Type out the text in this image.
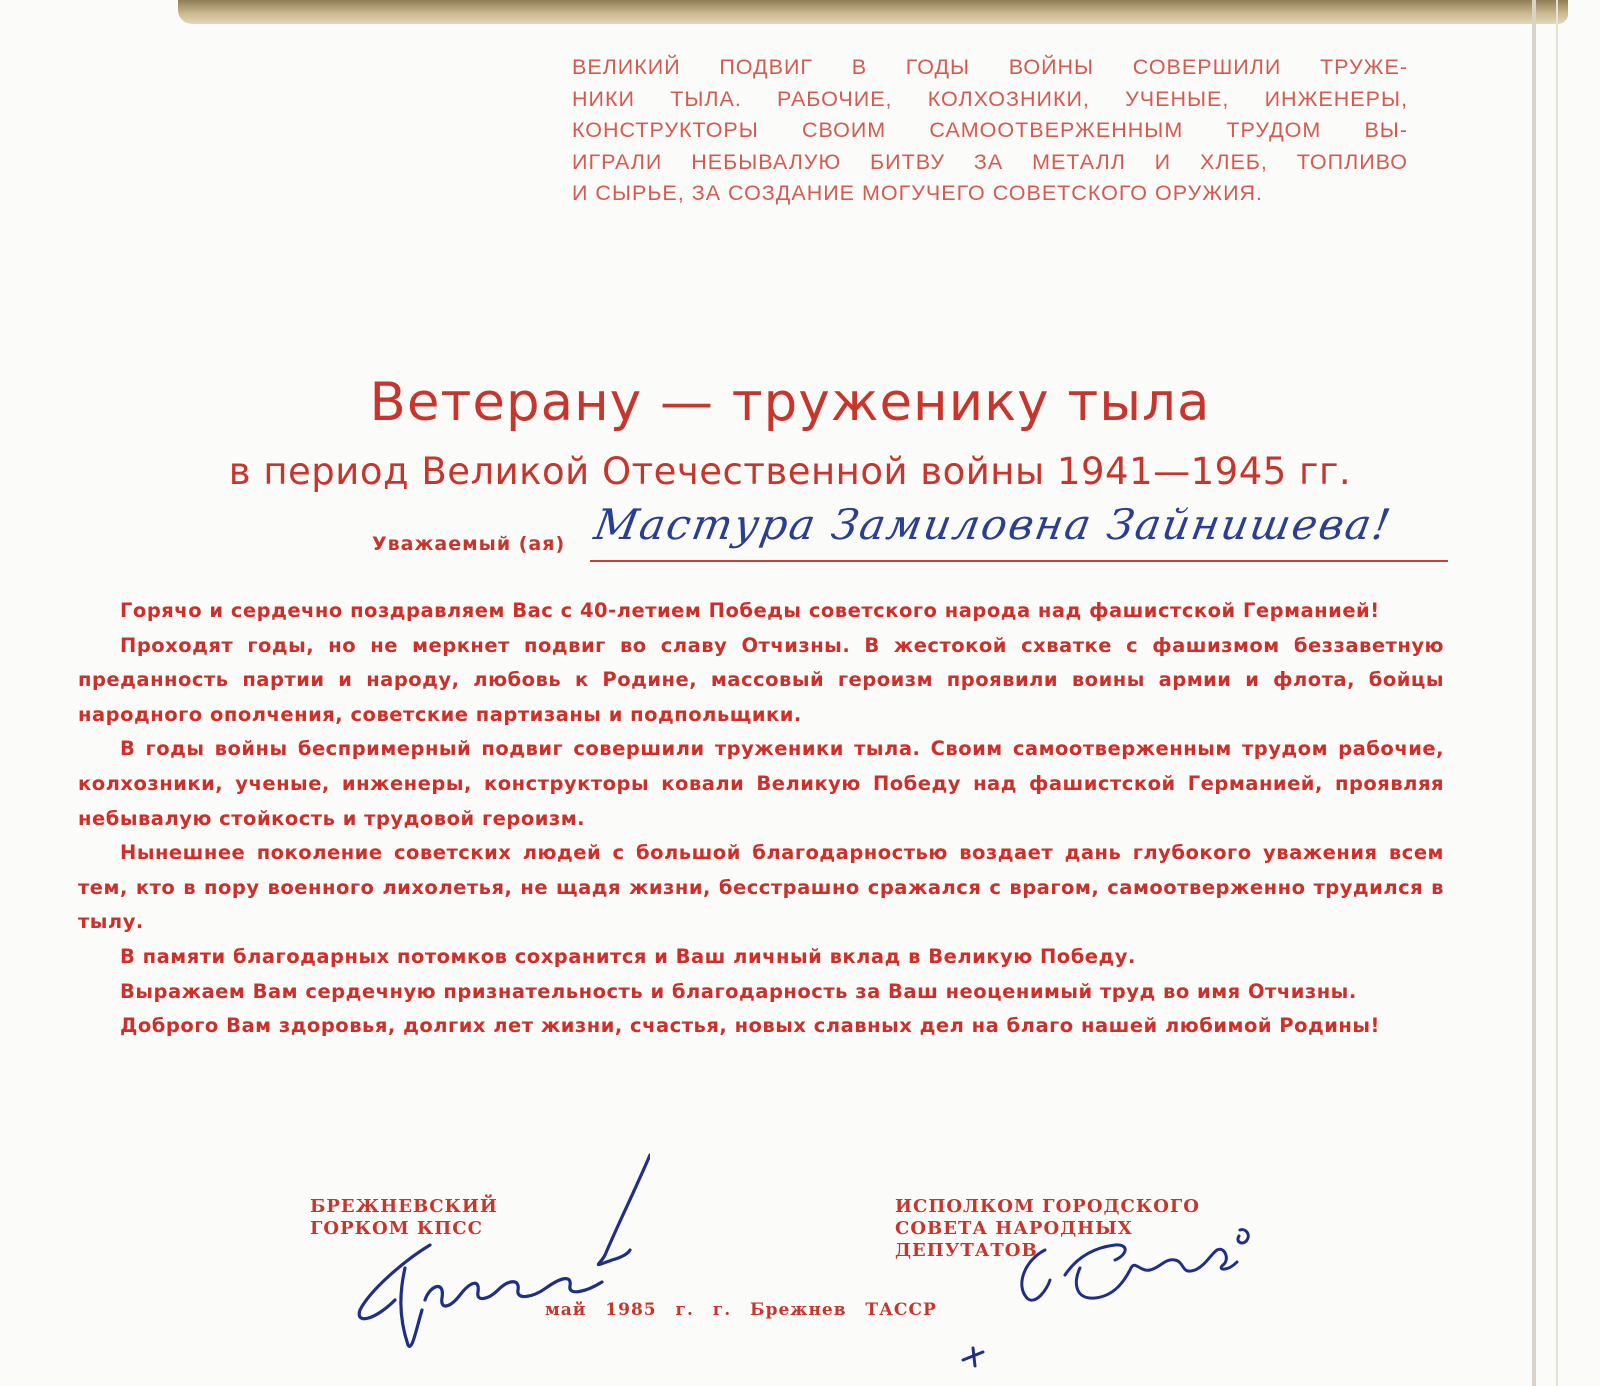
ВЕЛИКИЙ ПОДВИГ В ГОДЫ ВОЙНЫ СОВЕРШИЛИ ТРУЖЕ-
НИКИ ТЫЛА. РАБОЧИЕ, КОЛХОЗНИКИ, УЧЕНЫЕ, ИНЖЕНЕРЫ,
КОНСТРУКТОРЫ СВОИМ САМООТВЕРЖЕННЫМ ТРУДОМ ВЫ-
ИГРАЛИ НЕБЫВАЛУЮ БИТВУ ЗА МЕТАЛЛ И ХЛЕБ, ТОПЛИВО
И СЫРЬЕ, ЗА СОЗДАНИЕ МОГУЧЕГО СОВЕТСКОГО ОРУЖИЯ.
Ветерану — труженику тыла
в период Великой Отечественной войны 1941—1945 гг.
Уважаемый (ая) Мастура Замиловна Зайнишева!
Горячо и сердечно поздравляем Вас с 40-летием Победы советского народа над фашистской Германией!
Проходят годы, но не меркнет подвиг во славу Отчизны. В жестокой схватке с фашизмом беззаветную преданность партии и народу, любовь к Родине, массовый героизм проявили воины армии и флота, бойцы народного ополчения, советские партизаны и подпольщики.
В годы войны беспримерный подвиг совершили труженики тыла. Своим самоотверженным трудом рабочие, колхозники, ученые, инженеры, конструкторы ковали Великую Победу над фашистской Германией, проявляя небывалую стойкость и трудовой героизм.
Нынешнее поколение советских людей с большой благодарностью воздает дань глубокого уважения всем тем, кто в пору военного лихолетья, не щадя жизни, бесстрашно сражался с врагом, самоотверженно трудился в тылу.
В памяти благодарных потомков сохранится и Ваш личный вклад в Великую Победу.
Выражаем Вам сердечную признательность и благодарность за Ваш неоценимый труд во имя Отчизны.
Доброго Вам здоровья, долгих лет жизни, счастья, новых славных дел на благо нашей любимой Родины!
БРЕЖНЕВСКИЙ
ГОРКОМ КПСС
ИСПОЛКОМ ГОРОДСКОГО
СОВЕТА НАРОДНЫХ
ДЕПУТАТОВ
май 1985 г. г. Брежнев ТАССР
